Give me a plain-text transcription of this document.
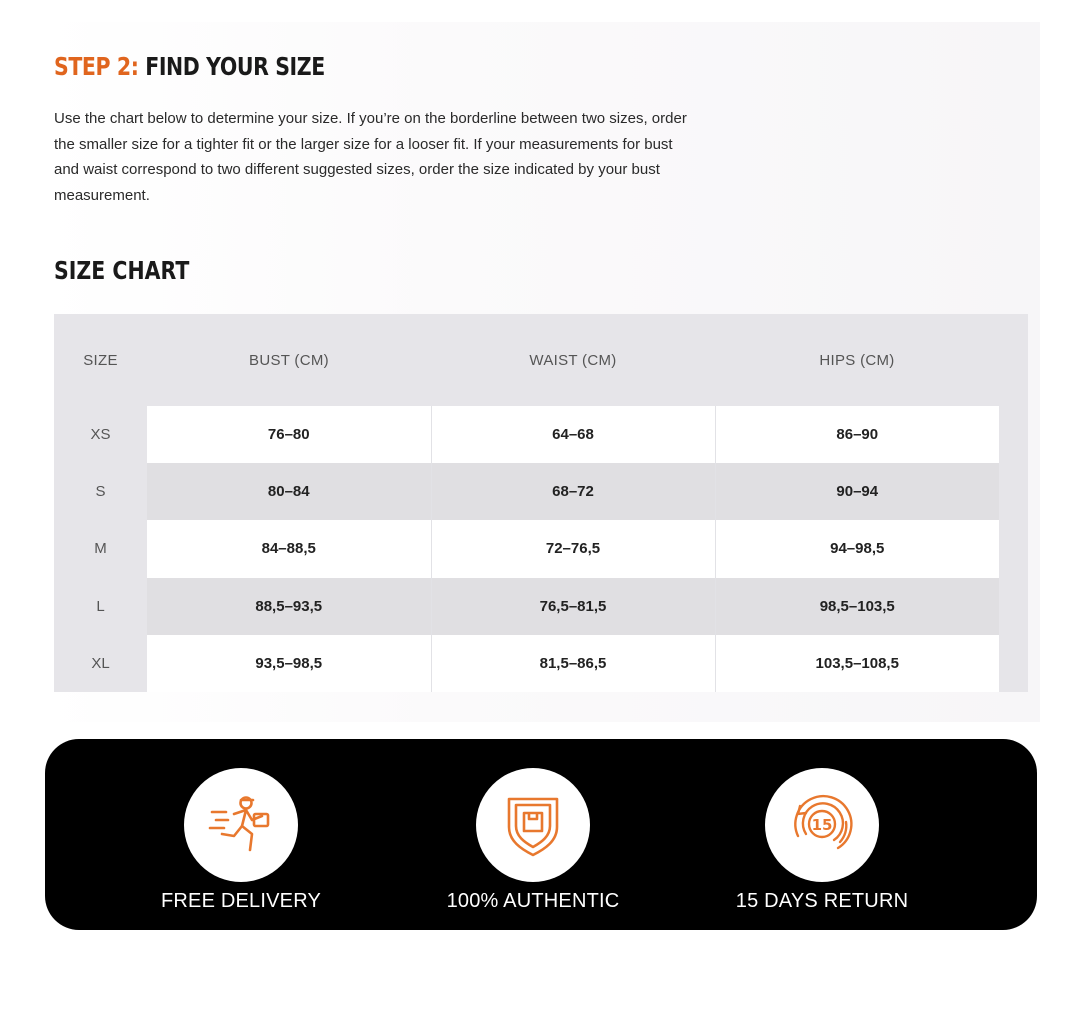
STEP 2: FIND YOUR SIZE

Use the chart below to determine your size. If you’re on the borderline between two sizes, order the smaller size for a tighter fit or the larger size for a looser fit. If your measurements for bust and waist correspond to two different suggested sizes, order the size indicated by your bust measurement.

SIZE CHART
SIZE	BUST (CM)	WAIST (CM)	HIPS (CM)	
XS	76–80	64–68	86–90	
S	80–84	68–72	90–94	
M	84–88,5	72–76,5	94–98,5	
L	88,5–93,5	76,5–81,5	98,5–103,5	
XL	93,5–98,5	81,5–86,5	103,5–108,5	
FREE DELIVERY	100% AUTHENTIC
15
15 DAYS RETURN
